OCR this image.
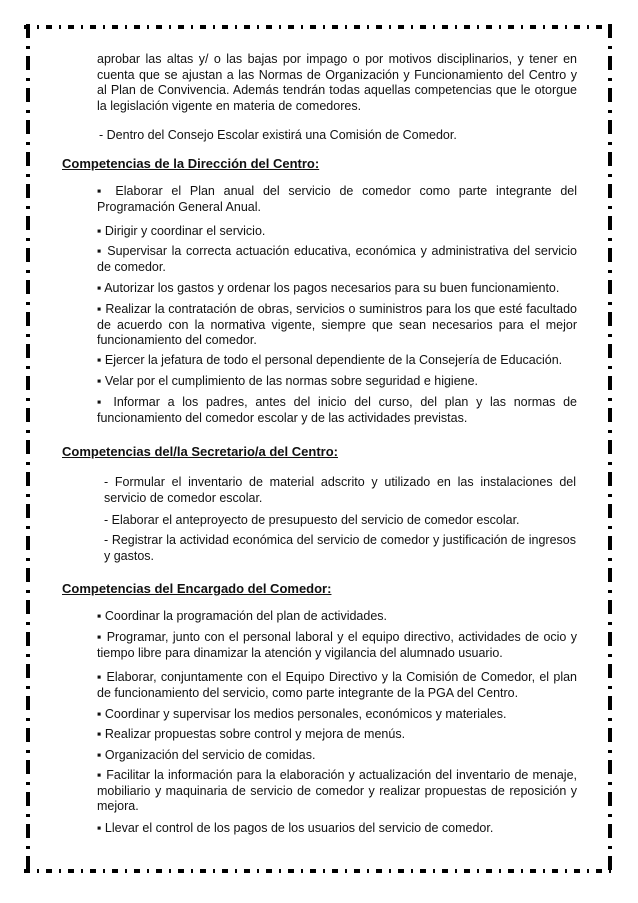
aprobar las altas y/ o las bajas por impago o por motivos disciplinarios, y tener en cuenta que se ajustan a las Normas de Organización y Funcionamiento del Centro y al Plan de Convivencia. Además tendrán todas aquellas competencias que le otorgue la legislación vigente en materia de comedores.
- Dentro del Consejo Escolar existirá una Comisión de Comedor.
Competencias de la Dirección del Centro:
▪ Elaborar el Plan anual del servicio de comedor como parte integrante del Programación General Anual.
▪ Dirigir y coordinar el servicio.
▪ Supervisar la correcta actuación educativa, económica y administrativa del servicio de comedor.
▪ Autorizar los gastos y ordenar los pagos necesarios para su buen funcionamiento.
▪ Realizar la contratación de obras, servicios o suministros para los que esté facultado de acuerdo con la normativa vigente, siempre que sean necesarios para el mejor funcionamiento del comedor.
▪ Ejercer la jefatura de todo el personal dependiente de la Consejería de Educación.
▪ Velar por el cumplimiento de las normas sobre seguridad e higiene.
▪ Informar a los padres, antes del inicio del curso, del plan y las normas de funcionamiento del comedor escolar y de las actividades previstas.
Competencias del/la Secretario/a del Centro:
- Formular el inventario de material adscrito y utilizado en las instalaciones del servicio de comedor escolar.
- Elaborar el anteproyecto de presupuesto del servicio de comedor escolar.
- Registrar la actividad económica del servicio de comedor y justificación de ingresos y gastos.
Competencias del Encargado del Comedor:
▪ Coordinar la programación del plan de actividades.
▪ Programar, junto con el personal laboral y el equipo directivo, actividades de ocio y tiempo libre para dinamizar la atención y vigilancia del alumnado usuario.
▪ Elaborar, conjuntamente con el Equipo Directivo y la Comisión de Comedor, el plan de funcionamiento del servicio, como parte integrante de la PGA del Centro.
▪ Coordinar y supervisar los medios personales, económicos y materiales.
▪ Realizar propuestas sobre control y mejora de menús.
▪ Organización del servicio de comidas.
▪ Facilitar la información para la elaboración y actualización del inventario de menaje, mobiliario y maquinaria de servicio de comedor y realizar propuestas de reposición y mejora.
▪ Llevar el control de los pagos de los usuarios del servicio de comedor.
